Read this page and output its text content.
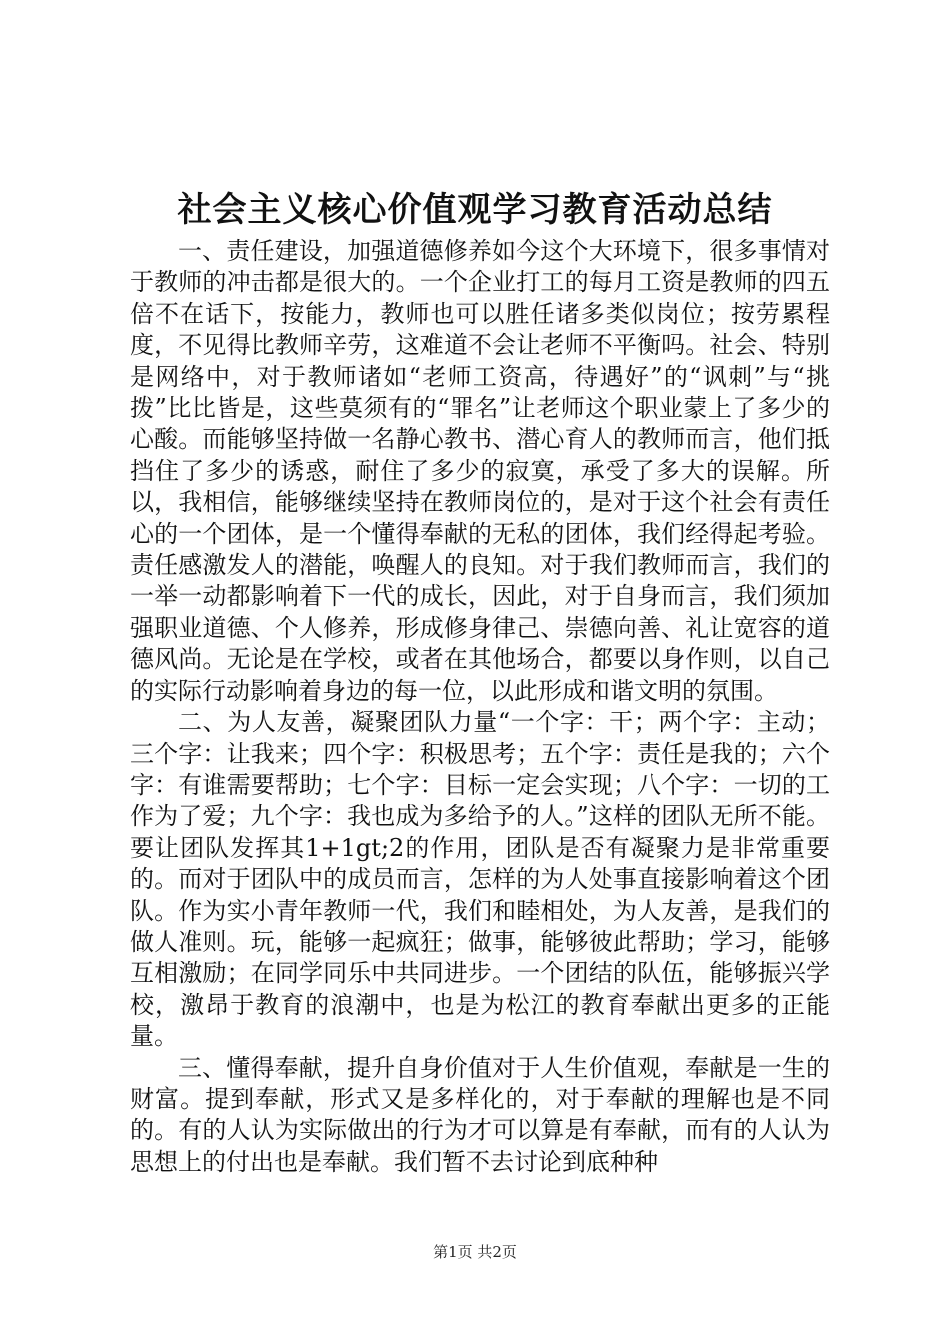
社会主义核心价值观学习教育活动总结

一、责任建设，加强道德修养如今这个大环境下，很多事情对于教师的冲击都是很大的。一个企业打工的每月工资是教师的四五倍不在话下，按能力，教师也可以胜任诸多类似岗位；按劳累程度，不见得比教师辛劳，这难道不会让老师不平衡吗。社会、特别是网络中，对于教师诸如“老师工资高，待遇好”的“讽刺”与“挑拨”比比皆是，这些莫须有的“罪名”让老师这个职业蒙上了多少的心酸。而能够坚持做一名静心教书、潜心育人的教师而言，他们抵挡住了多少的诱惑，耐住了多少的寂寞，承受了多大的误解。所以，我相信，能够继续坚持在教师岗位的，是对于这个社会有责任心的一个团体，是一个懂得奉献的无私的团体，我们经得起考验。责任感激发人的潜能，唤醒人的良知。对于我们教师而言，我们的一举一动都影响着下一代的成长，因此，对于自身而言，我们须加强职业道德、个人修养，形成修身律己、崇德向善、礼让宽容的道德风尚。无论是在学校，或者在其他场合，都要以身作则，以自己的实际行动影响着身边的每一位，以此形成和谐文明的氛围。

二、为人友善，凝聚团队力量“一个字：干；两个字：主动；三个字：让我来；四个字：积极思考；五个字：责任是我的；六个字：有谁需要帮助；七个字：目标一定会实现；八个字：一切的工作为了爱；九个字：我也成为多给予的人。”这样的团队无所不能。要让团队发挥其1+1gt;2的作用，团队是否有凝聚力是非常重要的。而对于团队中的成员而言，怎样的为人处事直接影响着这个团队。作为实小青年教师一代，我们和睦相处，为人友善，是我们的做人准则。玩，能够一起疯狂；做事，能够彼此帮助；学习，能够互相激励；在同学同乐中共同进步。一个团结的队伍，能够振兴学校，激昂于教育的浪潮中，也是为松江的教育奉献出更多的正能量。

三、懂得奉献，提升自身价值对于人生价值观，奉献是一生的财富。提到奉献，形式又是多样化的，对于奉献的理解也是不同的。有的人认为实际做出的行为才可以算是有奉献，而有的人认为思想上的付出也是奉献。我们暂不去讨论到底种种

第1页 共2页
